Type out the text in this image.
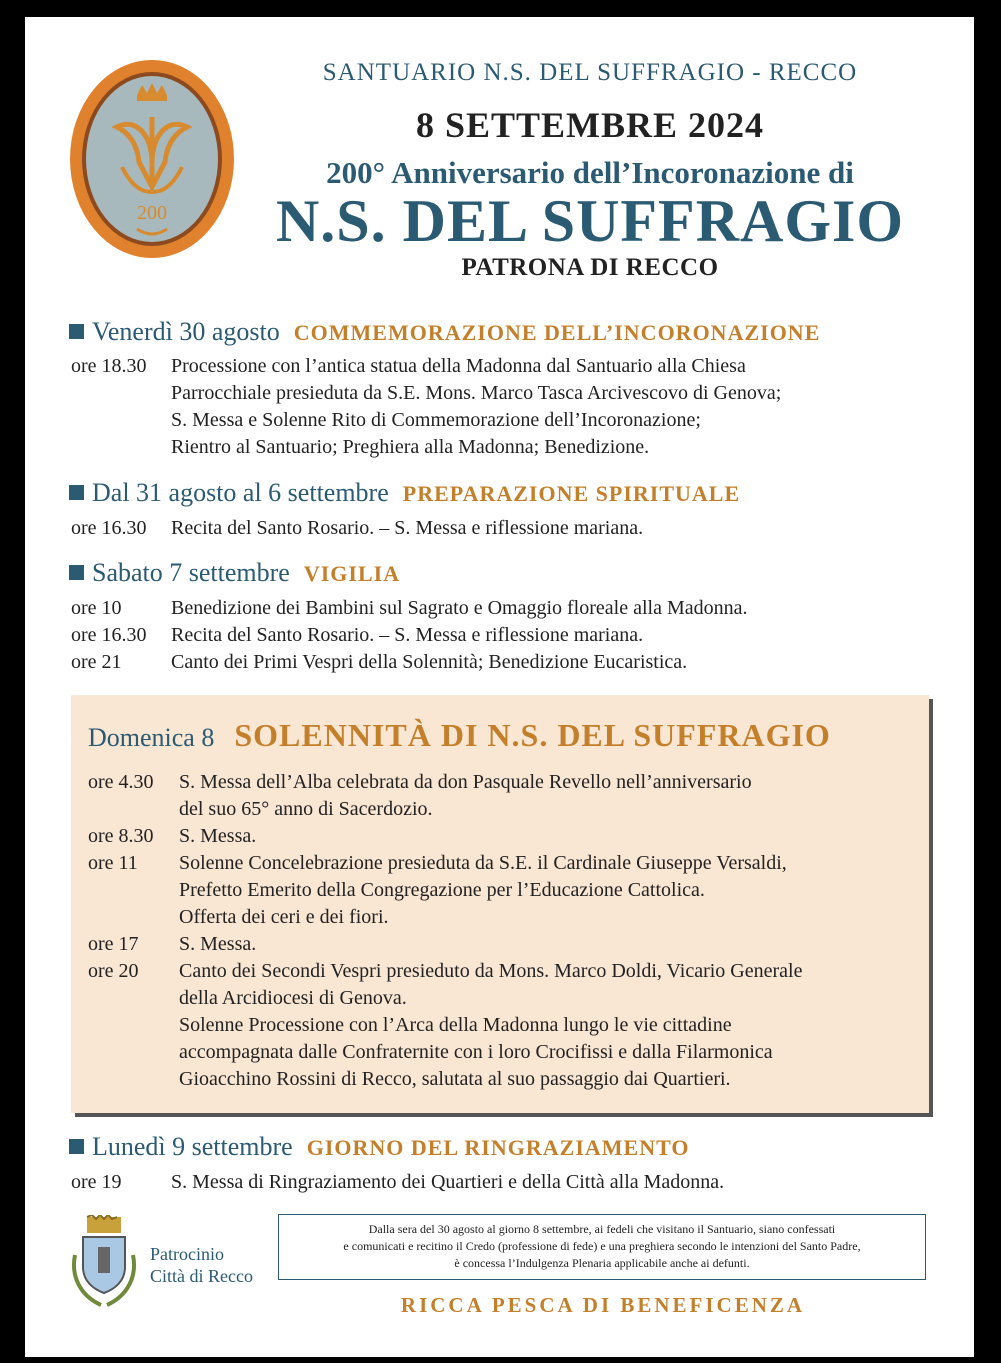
200
SANTUARIO N.S. DEL SUFFRAGIO - RECCO
8 SETTEMBRE 2024
200° Anniversario dell’Incoronazione di
N.S. DEL SUFFRAGIO
PATRONA DI RECCO
Venerdì 30 agosto COMMEMORAZIONE DELL’INCORONAZIONE
ore 18.30 Processione con l’antica statua della Madonna dal Santuario alla Chiesa
Parrocchiale presieduta da S.E. Mons. Marco Tasca Arcivescovo di Genova;
S. Messa e Solenne Rito di Commemorazione dell’Incoronazione;
Rientro al Santuario; Preghiera alla Madonna; Benedizione.
Dal 31 agosto al 6 settembre PREPARAZIONE SPIRITUALE
ore 16.30 Recita del Santo Rosario. – S. Messa e riflessione mariana.
Sabato 7 settembre VIGILIA
ore 10 Benedizione dei Bambini sul Sagrato e Omaggio floreale alla Madonna.
ore 16.30 Recita del Santo Rosario. – S. Messa e riflessione mariana.
ore 21 Canto dei Primi Vespri della Solennità; Benedizione Eucaristica.
Domenica 8 SOLENNITÀ DI N.S. DEL SUFFRAGIO
ore 4.30 S. Messa dell’Alba celebrata da don Pasquale Revello nell’anniversario
del suo 65° anno di Sacerdozio.
ore 8.30 S. Messa.
ore 11 Solenne Concelebrazione presieduta da S.E. il Cardinale Giuseppe Versaldi,
Prefetto Emerito della Congregazione per l’Educazione Cattolica.
Offerta dei ceri e dei fiori.
ore 17 S. Messa.
ore 20 Canto dei Secondi Vespri presieduto da Mons. Marco Doldi, Vicario Generale
della Arcidiocesi di Genova.
Solenne Processione con l’Arca della Madonna lungo le vie cittadine
accompagnata dalle Confraternite con i loro Crocifissi e dalla Filarmonica
Gioacchino Rossini di Recco, salutata al suo passaggio dai Quartieri.
Lunedì 9 settembre GIORNO DEL RINGRAZIAMENTO
ore 19 S. Messa di Ringraziamento dei Quartieri e della Città alla Madonna.
Patrocinio
Città di Recco
Dalla sera del 30 agosto al giorno 8 settembre, ai fedeli che visitano il Santuario, siano confessati
e comunicati e recitino il Credo (professione di fede) e una preghiera secondo le intenzioni del Santo Padre,
è concessa l’Indulgenza Plenaria applicabile anche ai defunti.
RICCA PESCA DI BENEFICENZA
